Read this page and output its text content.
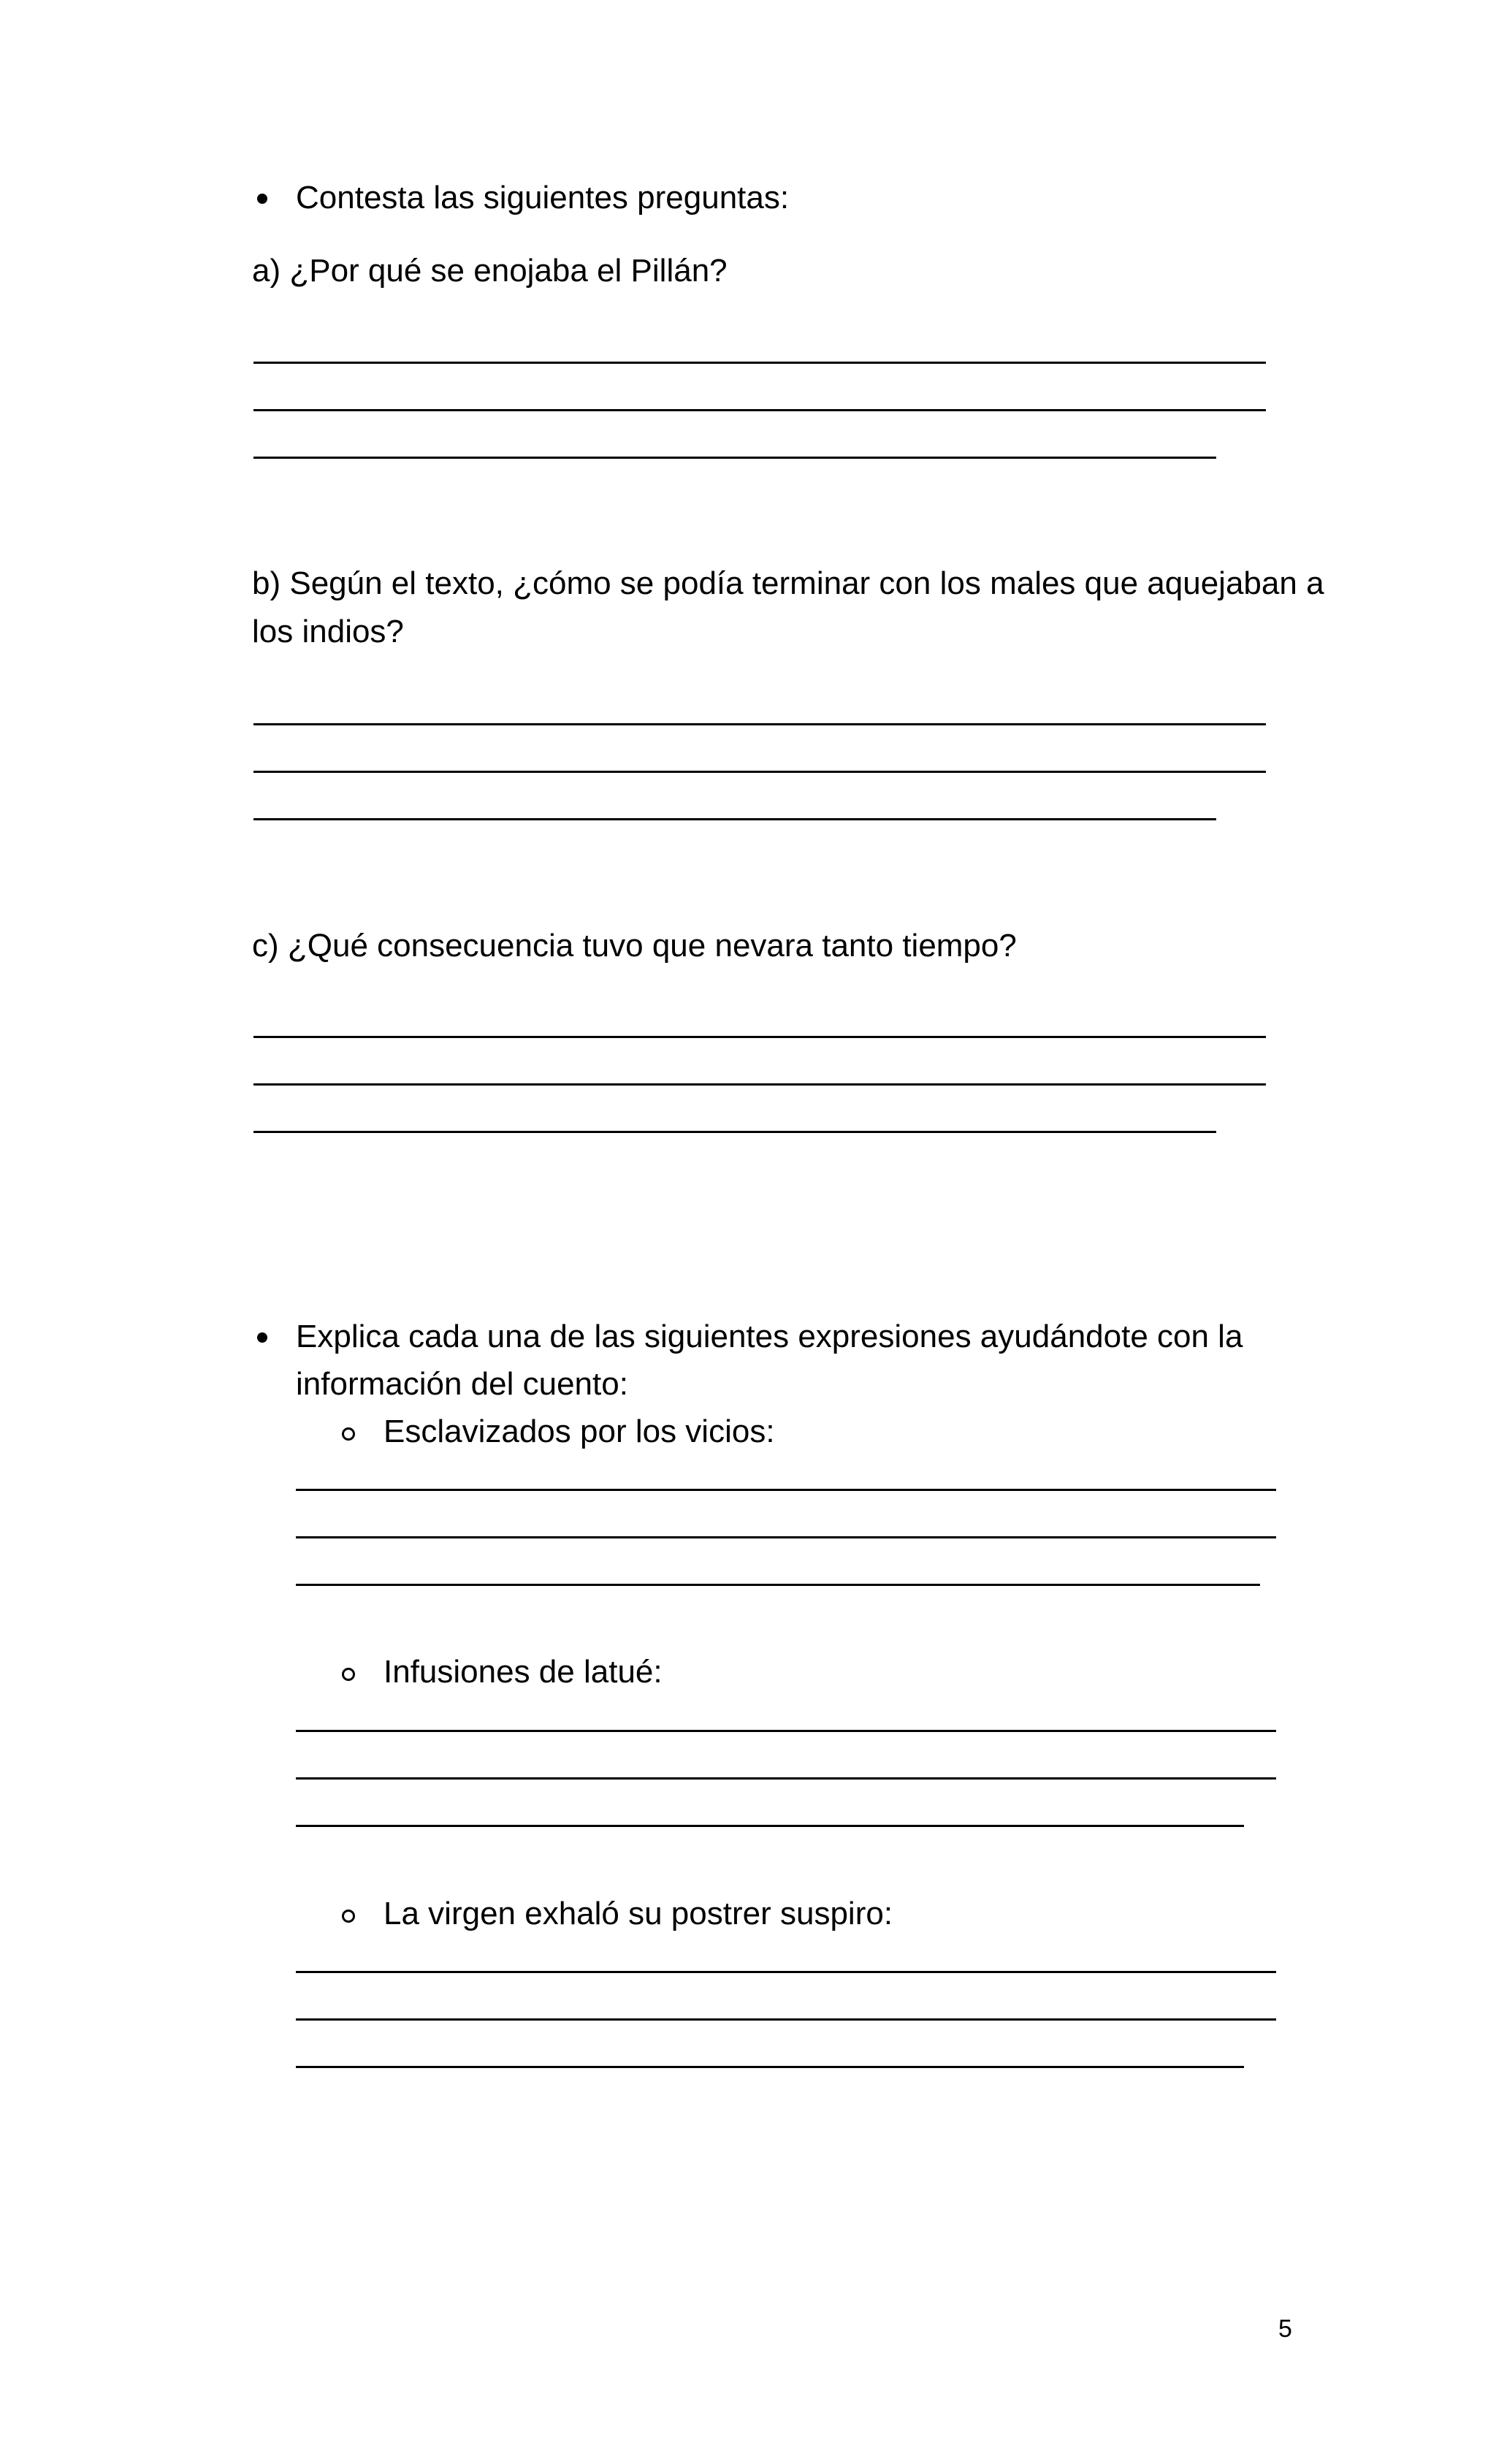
Contesta las siguientes preguntas:
a) ¿Por qué se enojaba el Pillán?
b) Según el texto, ¿cómo se podía terminar con los males que aquejaban a
los indios?
c) ¿Qué consecuencia tuvo que nevara tanto tiempo?
Explica cada una de las siguientes expresiones ayudándote con la
información del cuento:
Esclavizados por los vicios:
Infusiones de latué:
La virgen exhaló su postrer suspiro:
5
